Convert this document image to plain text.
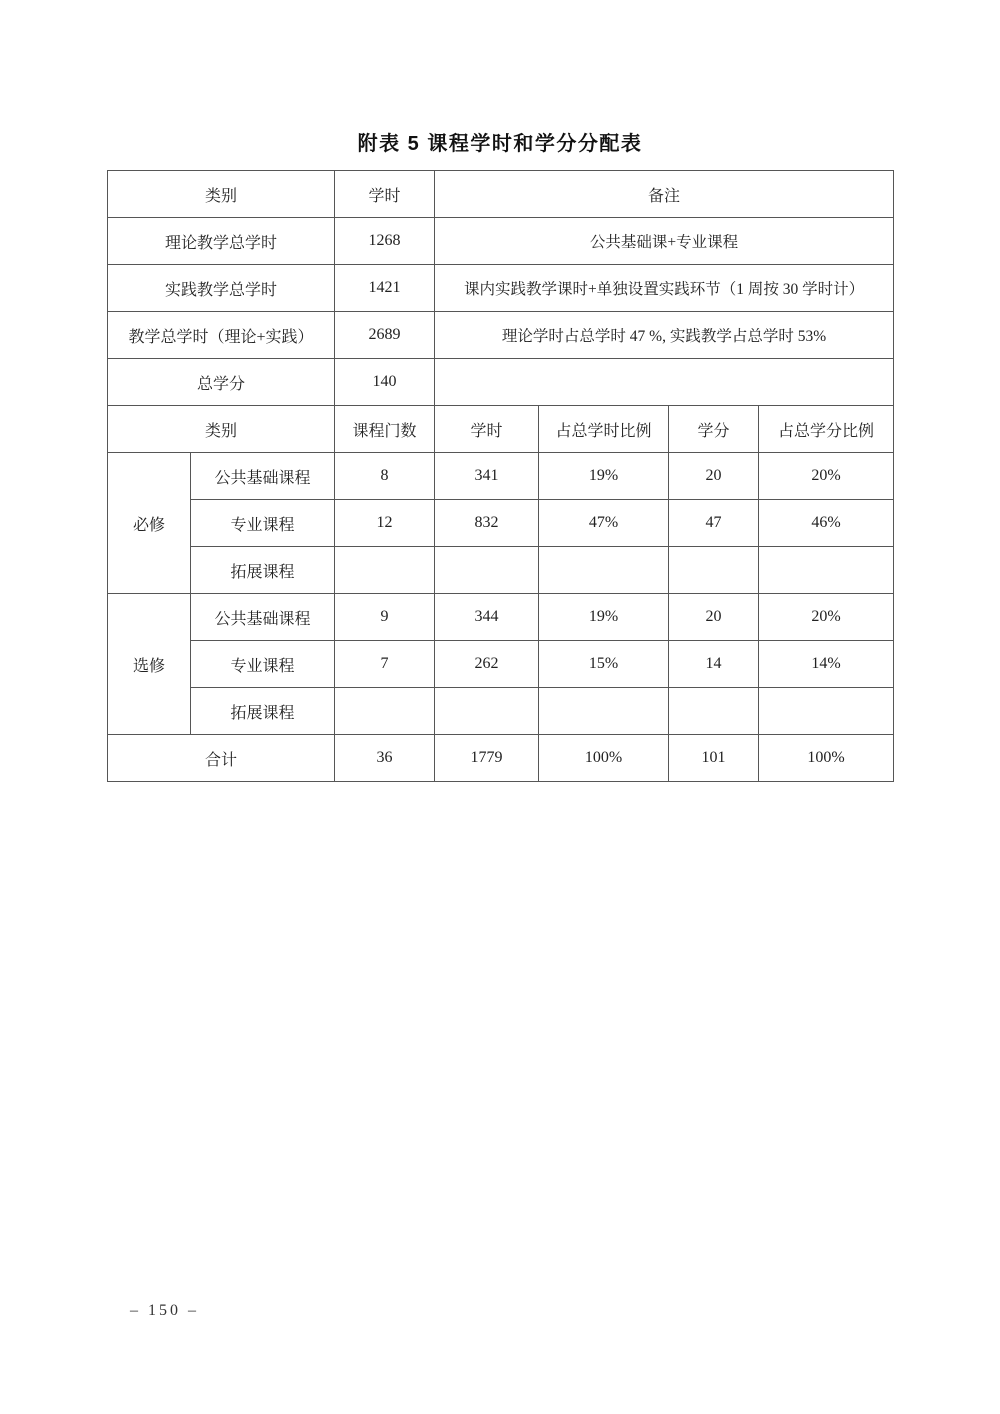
附表 5 课程学时和学分分配表
类别		学时	备注			
理论教学总学时		1268	公共基础课+专业课程			
实践教学总学时		1421	课内实践教学课时+单独设置实践环节（1 周按 30 学时计）			
教学总学时（理论+实践）		2689	理论学时占总学时 47 %, 实践教学占总学时 53%			
总学分		140				
类别		课程门数	学时	占总学时比例	学分	占总学分比例
必修	公共基础课程	8	341	19%	20	20%
	专业课程	12	832	47%	47	46%
	拓展课程					
选修	公共基础课程	9	344	19%	20	20%
	专业课程	7	262	15%	14	14%
	拓展课程					
合计		36	1779	100%	101	100%
– 150 –
